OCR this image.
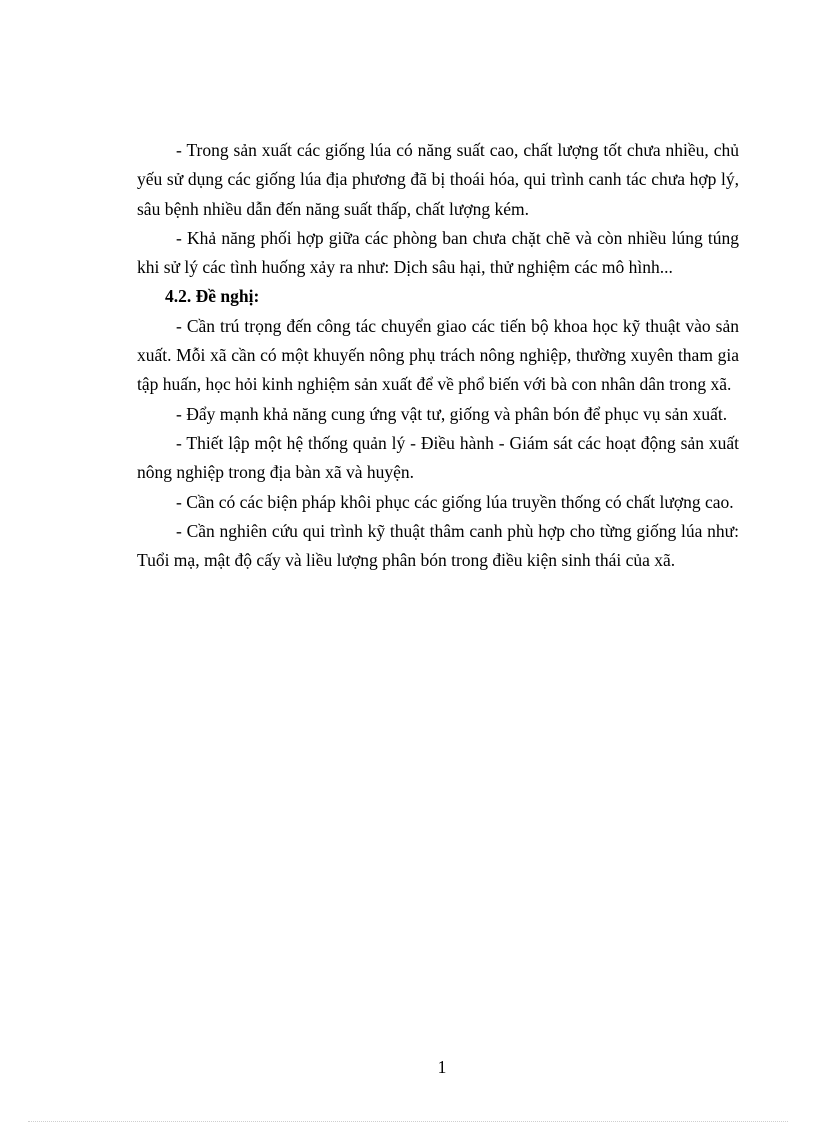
- Trong sản xuất các giống lúa có năng suất cao, chất lượng tốt chưa nhiều, chủ yếu sử dụng các giống lúa địa phương đã bị thoái hóa, qui trình canh tác chưa hợp lý, sâu bệnh nhiều dẫn đến năng suất thấp, chất lượng kém.

- Khả năng phối hợp giữa các phòng ban chưa chặt chẽ và còn nhiều lúng túng khi sử lý các tình huống xảy ra như: Dịch sâu hại, thử nghiệm các mô hình...

4.2. Đề nghị:

- Cần trú trọng đến công tác chuyển giao các tiến bộ khoa học kỹ thuật vào sản xuất. Mỗi xã cần có một khuyến nông phụ trách nông nghiệp, thường xuyên tham gia tập huấn, học hỏi kinh nghiệm sản xuất để về phổ biến với bà con nhân dân trong xã.

- Đẩy mạnh khả năng cung ứng vật tư, giống và phân bón để phục vụ sản xuất.

- Thiết lập một hệ thống quản lý - Điều hành - Giám sát các hoạt động sản xuất nông nghiệp trong địa bàn xã và huyện.

- Cần có các biện pháp khôi phục các giống lúa truyền thống có chất lượng cao.

- Cần nghiên cứu qui trình kỹ thuật thâm canh phù hợp cho từng giống lúa như: Tuổi mạ, mật độ cấy và liều lượng phân bón trong điều kiện sinh thái của xã.

1
